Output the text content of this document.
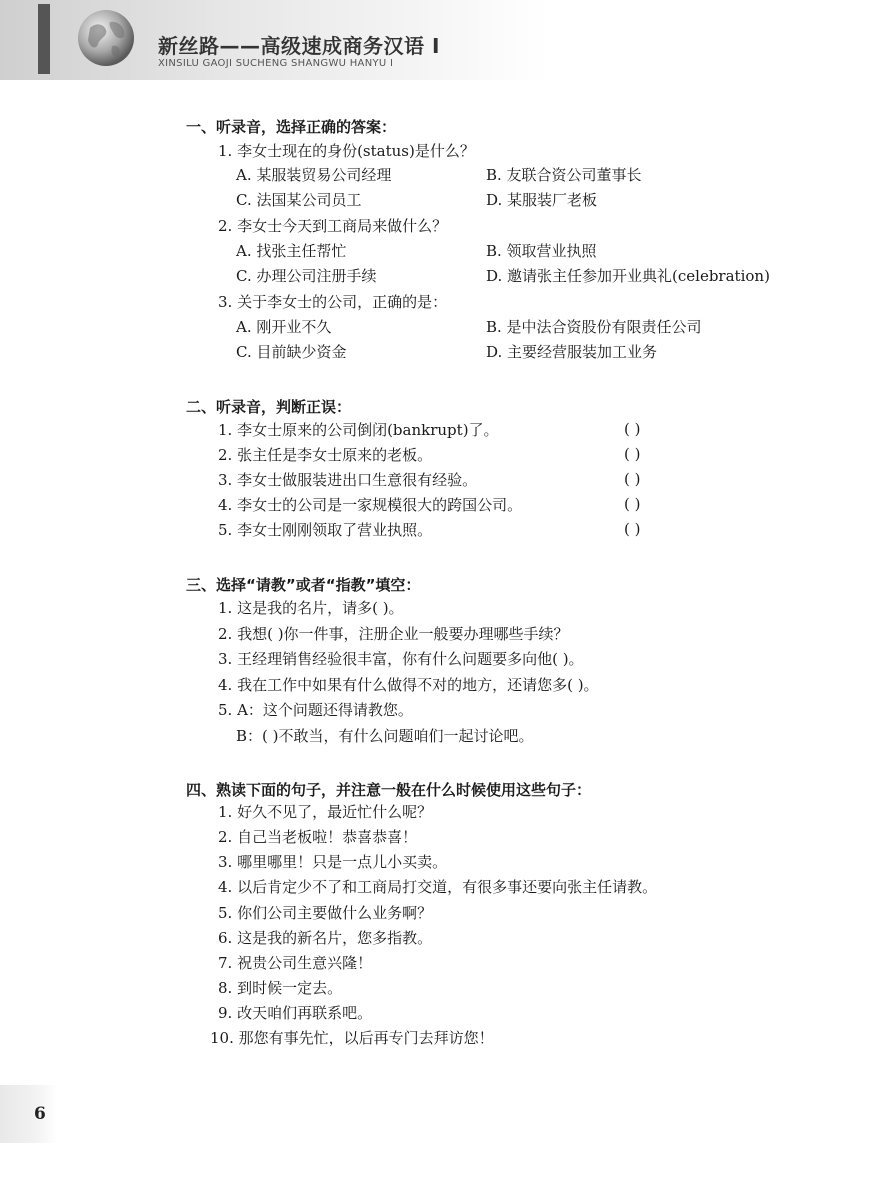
新丝路——高级速成商务汉语 I
XINSILU GAOJI SUCHENG SHANGWU HANYU I
一、听录音，选择正确的答案：
1. 李女士现在的身份(status)是什么？
A. 某服装贸易公司经理	B. 友联合资公司董事长
C. 法国某公司员工	D. 某服装厂老板
2. 李女士今天到工商局来做什么？
A. 找张主任帮忙	B. 领取营业执照
C. 办理公司注册手续	D. 邀请张主任参加开业典礼(celebration)
3. 关于李女士的公司，正确的是：
A. 刚开业不久	B. 是中法合资股份有限责任公司
C. 目前缺少资金	D. 主要经营服装加工业务
二、听录音，判断正误：
1. 李女士原来的公司倒闭(bankrupt)了。	( )
2. 张主任是李女士原来的老板。	( )
3. 李女士做服装进出口生意很有经验。	( )
4. 李女士的公司是一家规模很大的跨国公司。	( )
5. 李女士刚刚领取了营业执照。	( )
三、选择“请教”或者“指教”填空：
1. 这是我的名片，请多( )。
2. 我想( )你一件事，注册企业一般要办理哪些手续？
3. 王经理销售经验很丰富，你有什么问题要多向他( )。
4. 我在工作中如果有什么做得不对的地方，还请您多( )。
5. A：这个问题还得请教您。
B：( )不敢当，有什么问题咱们一起讨论吧。
四、熟读下面的句子，并注意一般在什么时候使用这些句子：
1. 好久不见了，最近忙什么呢？
2. 自己当老板啦！恭喜恭喜！
3. 哪里哪里！只是一点儿小买卖。
4. 以后肯定少不了和工商局打交道，有很多事还要向张主任请教。
5. 你们公司主要做什么业务啊？
6. 这是我的新名片，您多指教。
7. 祝贵公司生意兴隆！
8. 到时候一定去。
9. 改天咱们再联系吧。
10. 那您有事先忙，以后再专门去拜访您！
6
